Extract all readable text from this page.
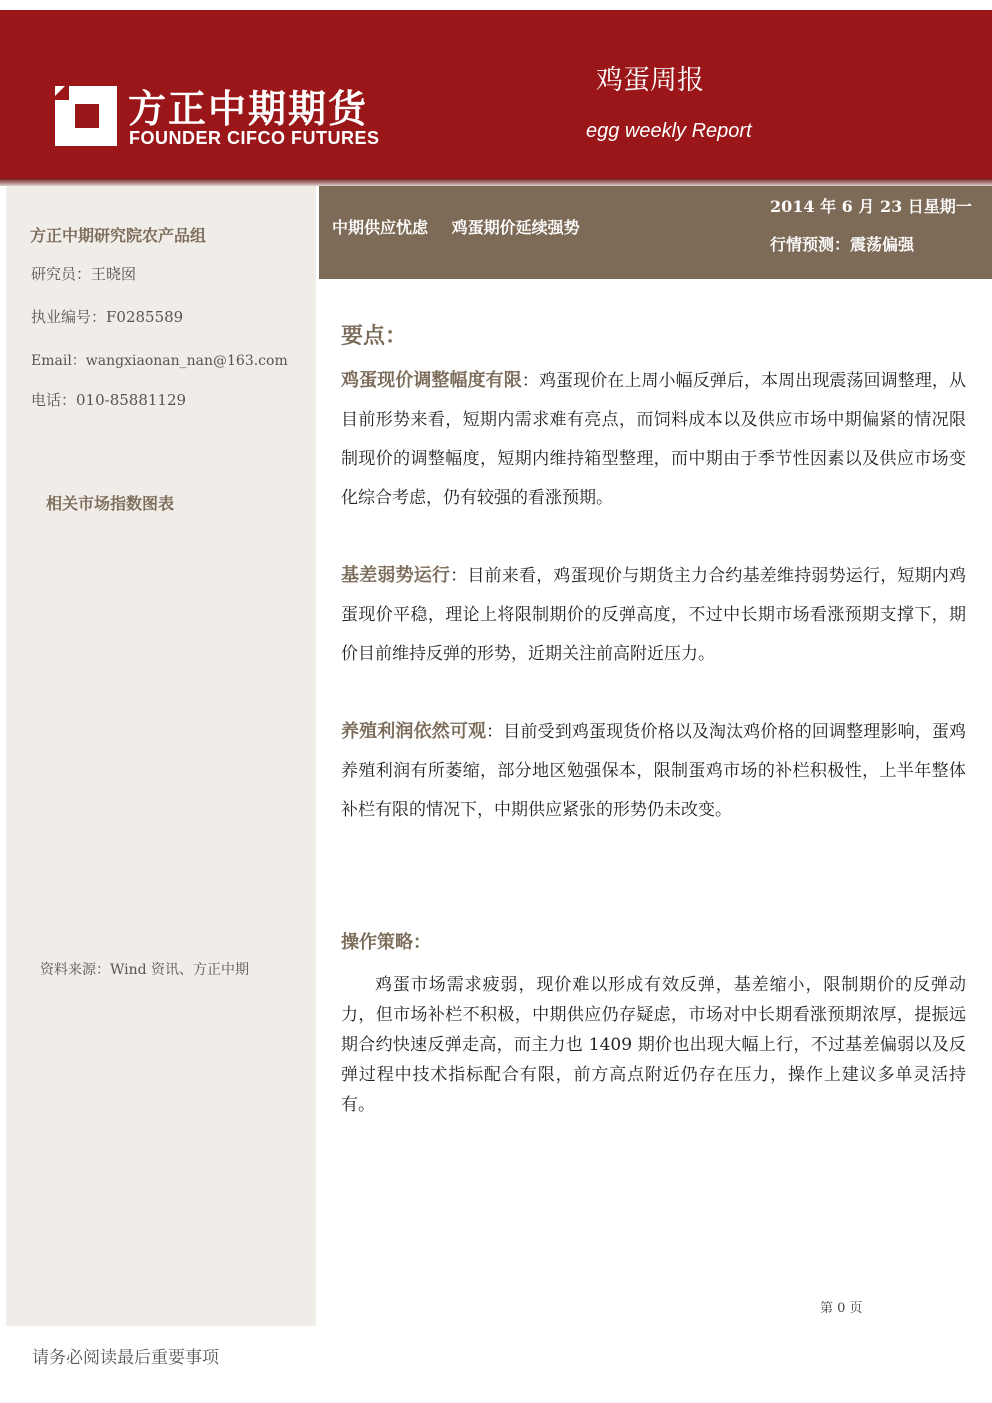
方正中期期货
FOUNDER CIFCO FUTURES
鸡蛋周报
egg weekly Report
方正中期研究院农产品组
研究员：王晓囡
执业编号：F0285589
Email：wangxiaonan_nan@163.com
电话：010-85881129
相关市场指数图表
资料来源：Wind 资讯、方正中期
中期供应忧虑 鸡蛋期价延续强势
2014 年 6 月 23 日星期一
行情预测：震荡偏强
要点：
鸡蛋现价调整幅度有限：鸡蛋现价在上周小幅反弹后，本周出现震荡回调整理，从目前形势来看，短期内需求难有亮点，而饲料成本以及供应市场中期偏紧的情况限制现价的调整幅度，短期内维持箱型整理，而中期由于季节性因素以及供应市场变化综合考虑，仍有较强的看涨预期。
基差弱势运行：目前来看，鸡蛋现价与期货主力合约基差维持弱势运行，短期内鸡蛋现价平稳，理论上将限制期价的反弹高度，不过中长期市场看涨预期支撑下，期价目前维持反弹的形势，近期关注前高附近压力。
养殖利润依然可观：目前受到鸡蛋现货价格以及淘汰鸡价格的回调整理影响，蛋鸡养殖利润有所萎缩，部分地区勉强保本，限制蛋鸡市场的补栏积极性，上半年整体补栏有限的情况下，中期供应紧张的形势仍未改变。
操作策略：
鸡蛋市场需求疲弱，现价难以形成有效反弹，基差缩小，限制期价的反弹动力，但市场补栏不积极，中期供应仍存疑虑，市场对中长期看涨预期浓厚，提振远期合约快速反弹走高，而主力也 1409 期价也出现大幅上行，不过基差偏弱以及反弹过程中技术指标配合有限，前方高点附近仍存在压力，操作上建议多单灵活持有。
第 0 页
请务必阅读最后重要事项
